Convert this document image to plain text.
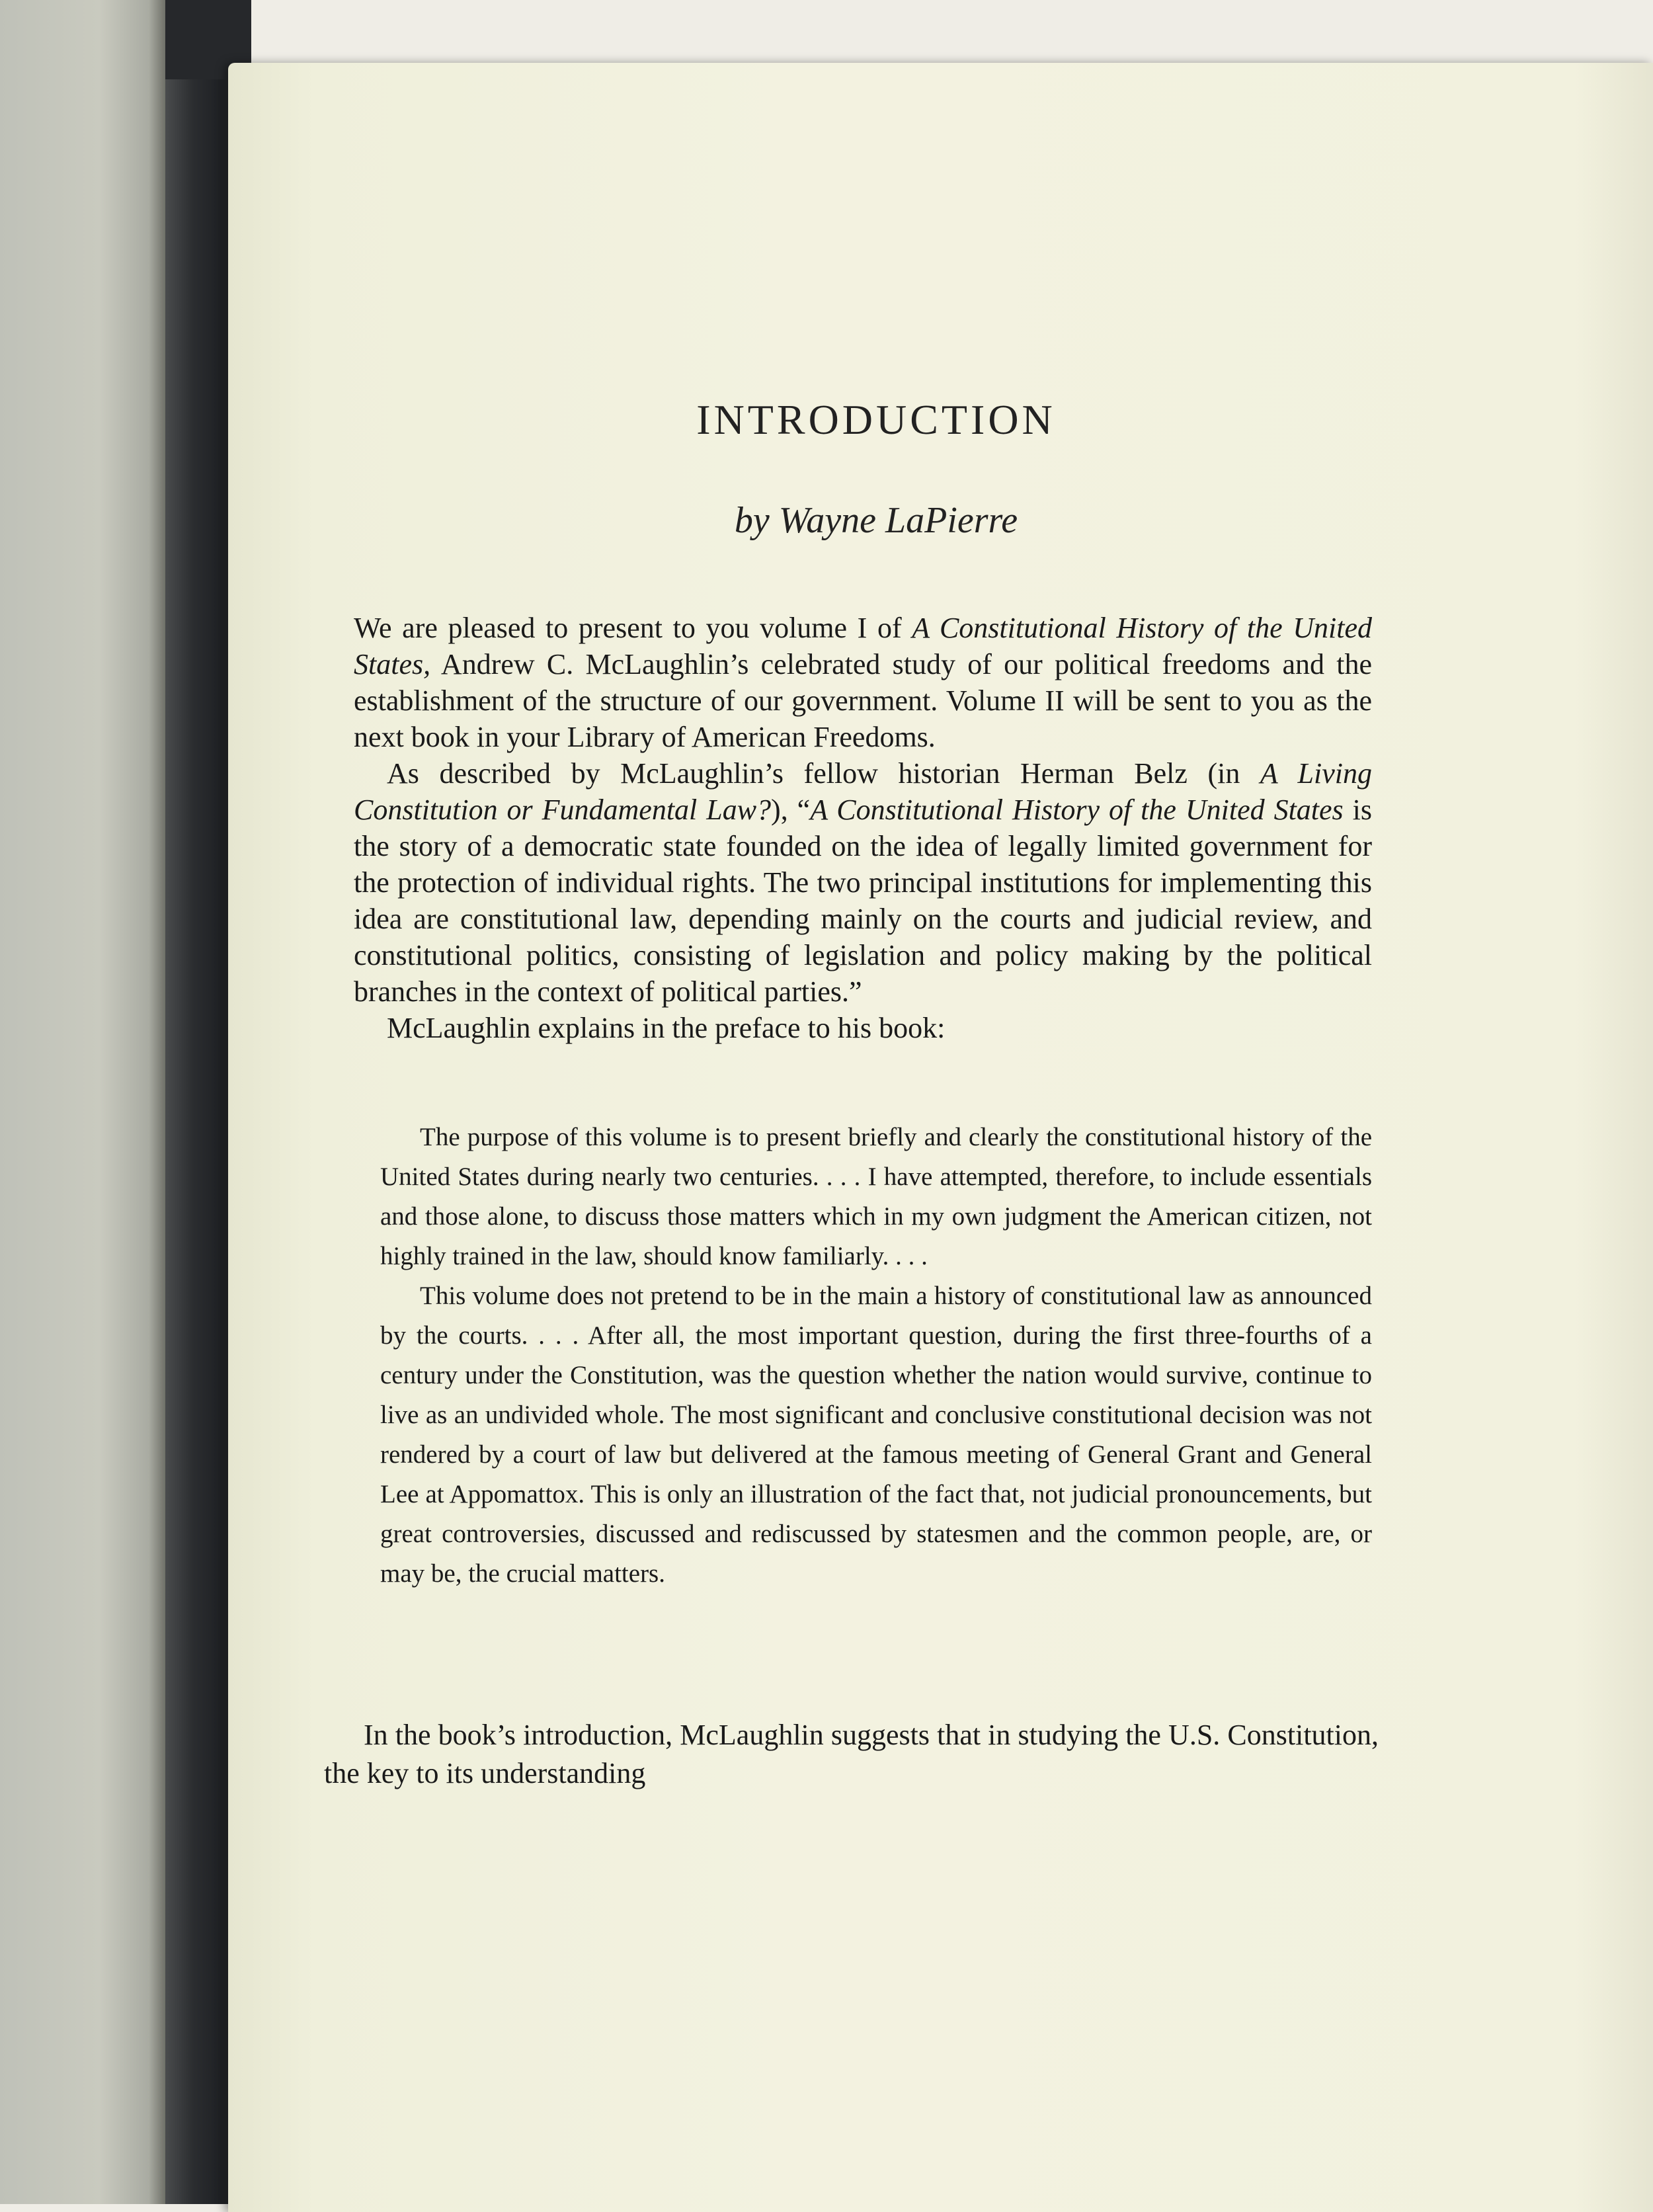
INTRODUCTION
by Wayne LaPierre

We are pleased to present to you volume I of A Constitutional History of the United States, Andrew C. McLaughlin’s celebrated study of our political freedoms and the establishment of the structure of our government. Volume II will be sent to you as the next book in your Library of American Freedoms.

As described by McLaughlin’s fellow historian Herman Belz (in A Living Constitution or Fundamental Law?), “A Constitutional History of the United States is the story of a democratic state founded on the idea of legally limited government for the protection of individual rights. The two principal institutions for implementing this idea are constitutional law, depending mainly on the courts and judicial review, and constitutional politics, consisting of legislation and policy making by the political branches in the context of political parties.”

McLaughlin explains in the preface to his book:

The purpose of this volume is to present briefly and clearly the constitutional history of the United States during nearly two centuries. . . . I have attempted, therefore, to include essentials and those alone, to discuss those matters which in my own judgment the American citizen, not highly trained in the law, should know familiarly. . . .

This volume does not pretend to be in the main a history of constitutional law as announced by the courts. . . . After all, the most important question, during the first three-fourths of a century under the Constitution, was the question whether the nation would survive, continue to live as an undivided whole. The most significant and conclusive constitutional decision was not rendered by a court of law but delivered at the famous meeting of General Grant and General Lee at Appomattox. This is only an illustration of the fact that, not judicial pronouncements, but great controversies, discussed and rediscussed by statesmen and the common people, are, or may be, the crucial matters.

In the book’s introduction, McLaughlin suggests that in studying the U.S. Constitution, the key to its understanding
